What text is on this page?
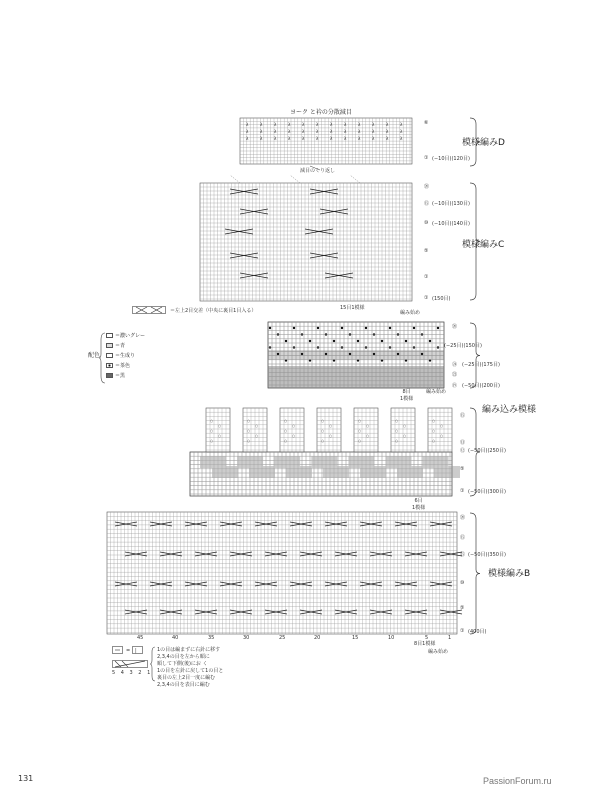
ヨーク と衿の分散減目
λ
λ
λ
λ
λ
λ
λ
λ
λ
λ
λ
λ
λ
λ
λ
λ
λ
λ
λ
λ
λ
λ
λ
λ
λ
λ
λ
λ
λ
λ
λ
λ
λ
λ
λ
λ
⑥
① (−10目)(120目)
模様編みD
減目のくり返し
⑳
⑮ (−10目)(130目)
⑩ (−10目)(140目)
⑤
①
① (150目)
模様編みC
15目1模様
編み始め
＝左上2目交差（中央に裏目1目入る）
配色
＝濃いグレー
＝青
＝生成り
＝茶色
＝黒
⑳
(−25目)(150目)
㉔ (−25目)(175目)
㉓
⑲ (−50目)(200目)
8目
1模様
編み始め
編み込み模様
○
○
○
○
○
○
○
○
○
○
○
○
○
○
○
○
○
○
○
○
○
○
○
○
○
○
○
○
○
○
○
○
○
○
○
⑮
⑬
⑫ (−50目)(250目)
⑤
① (−50目)(300目)
6目
1模様
⑳
⑮
⑮ (−50目)(350目)
⑩
⑤
① (400目)
模様編みB
8目1模様
編み始め
45	40	35	30	25	20	15	10	5	1
= |
5 4 3 2 1
1の目は編まずに右針に移す
2,3,4の目を左から順に
順して下側(後)にお く
1の目を左針に戻して1の目と
裏目の左上2目一度に編む
2,3,4の目を表目に編む
131	PassionForum.ru
